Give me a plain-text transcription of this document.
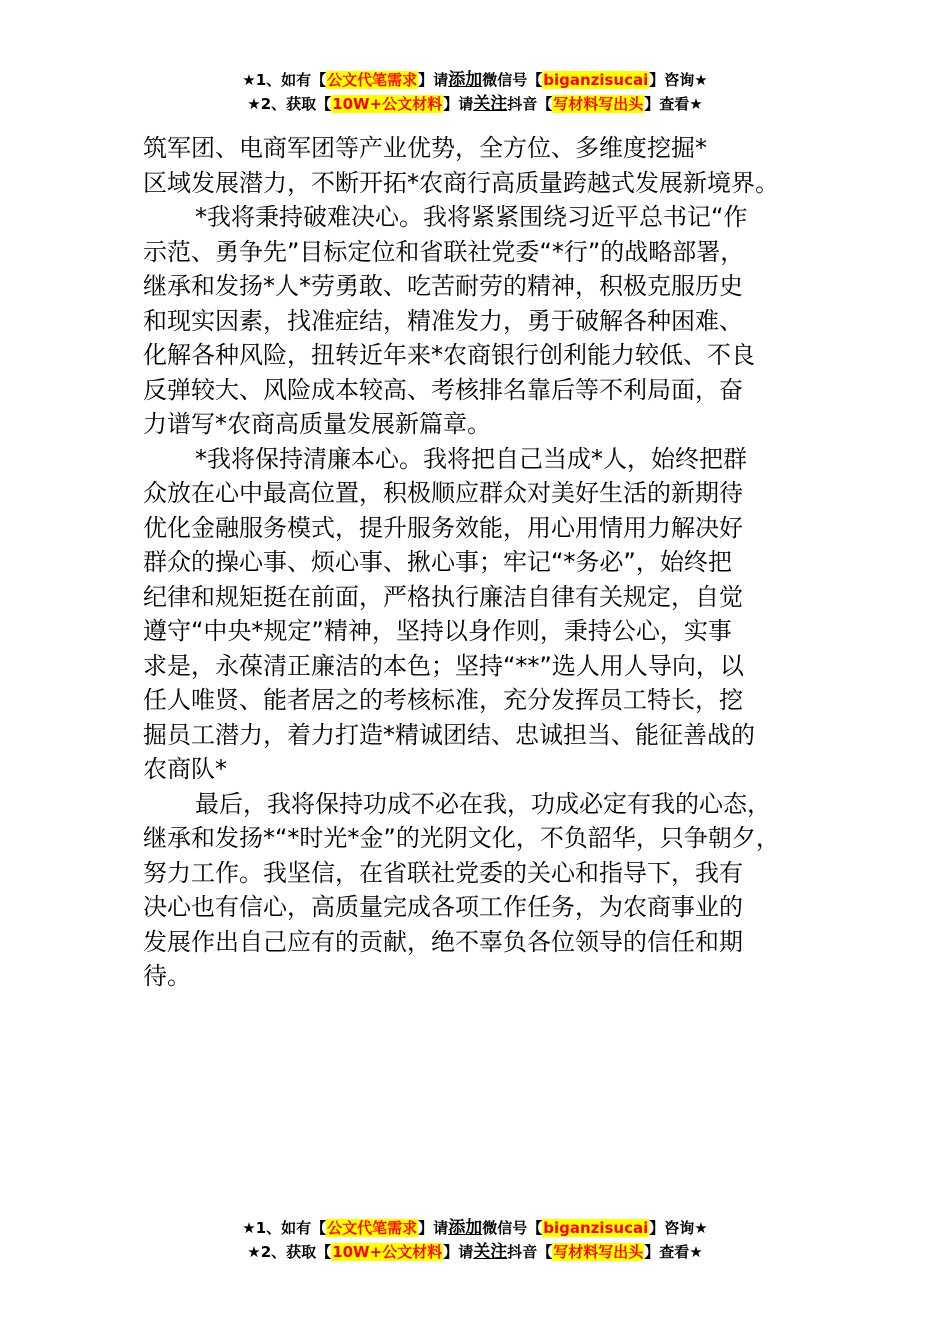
★1、如有【公文代笔需求】请添加微信号【biganzisucai】咨询★
★2、获取【10W+公文材料】请关注抖音【写材料写出头】查看★
筑军团、电商军团等产业优势，全方位、多维度挖掘*
区域发展潜力，不断开拓*农商行高质量跨越式发展新境界。
*我将秉持破难决心。我将紧紧围绕习近平总书记“作
示范、勇争先”目标定位和省联社党委“*行”的战略部署，
继承和发扬*人*劳勇敢、吃苦耐劳的精神，积极克服历史
和现实因素，找准症结，精准发力，勇于破解各种困难、
化解各种风险，扭转近年来*农商银行创利能力较低、不良
反弹较大、风险成本较高、考核排名靠后等不利局面，奋
力谱写*农商高质量发展新篇章。
*我将保持清廉本心。我将把自己当成*人，始终把群
众放在心中最高位置，积极顺应群众对美好生活的新期待
优化金融服务模式，提升服务效能，用心用情用力解决好
群众的操心事、烦心事、揪心事；牢记“*务必”，始终把
纪律和规矩挺在前面，严格执行廉洁自律有关规定，自觉
遵守“中央*规定”精神，坚持以身作则，秉持公心，实事
求是，永葆清正廉洁的本色；坚持“**”选人用人导向，以
任人唯贤、能者居之的考核标准，充分发挥员工特长，挖
掘员工潜力，着力打造*精诚团结、忠诚担当、能征善战的
农商队*
最后，我将保持功成不必在我，功成必定有我的心态，
继承和发扬*“*时光*金”的光阴文化，不负韶华，只争朝夕，
努力工作。我坚信，在省联社党委的关心和指导下，我有
决心也有信心，高质量完成各项工作任务，为农商事业的
发展作出自己应有的贡献，绝不辜负各位领导的信任和期
待。
★1、如有【公文代笔需求】请添加微信号【biganzisucai】咨询★
★2、获取【10W+公文材料】请关注抖音【写材料写出头】查看★
